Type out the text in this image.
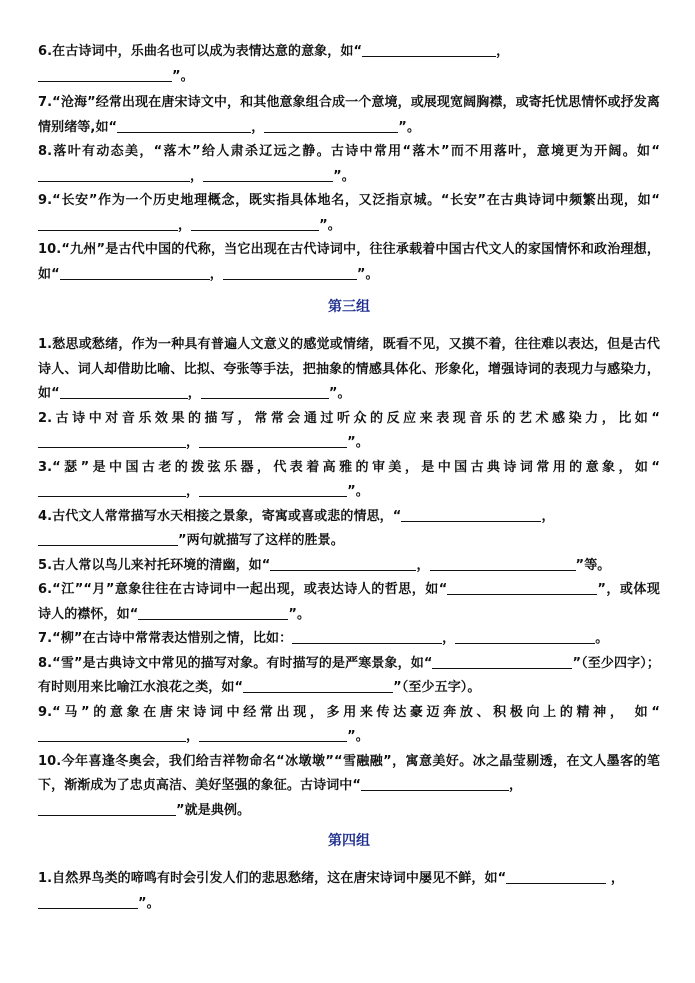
6.在古诗词中，乐曲名也可以成为表情达意的意象，如“	，
”。

7.“沧海”经常出现在唐宋诗文中，和其他意象组合成一个意境，或展现宽阔胸襟，或寄托忧思情怀或抒发离情别绪等,如“	，	”。

8.落叶有动态美，“落木”给人肃杀辽远之静。古诗中常用“落木”而不用落叶，意境更为开阔。如“，	”。

9.“长安”作为一个历史地理概念，既实指具体地名，又泛指京城。“长安”在古典诗词中频繁出现，如“，	”。

10.“九州”是古代中国的代称，当它出现在古代诗词中，往往承载着中国古代文人的家国情怀和政治理想，如“	，	”。

第三组

1.愁思或愁绪，作为一种具有普遍人文意义的感觉或情绪，既看不见，又摸不着，往往难以表达，但是古代诗人、词人却借助比喻、比拟、夸张等手法，把抽象的情感具体化、形象化，增强诗词的表现力与感染力，如“	，	”。

2.古诗中对音乐效果的描写，常常会通过听众的反应来表现音乐的艺术感染力，比如“，	”。

3.“瑟”是中国古老的拨弦乐器，代表着高雅的审美，是中国古典诗词常用的意象，如“，	”。

4.古代文人常常描写水天相接之景象，寄寓或喜或悲的情思，“	，
”两句就描写了这样的胜景。

5.古人常以鸟儿来衬托环境的清幽，如“	，	”等。

6.“江”“月”意象往往在古诗词中一起出现，或表达诗人的哲思，如“	”，或体现诗人的襟怀，如“	”。

7.“柳”在古诗中常常表达惜别之情，比如：	，	。

8.“雪”是古典诗文中常见的描写对象。有时描写的是严寒景象，如“	”（至少四字）；有时则用来比喻江水浪花之类，如“	”（至少五字）。

9.“马”的意象在唐宋诗词中经常出现，多用来传达豪迈奔放、积极向上的精神， 如“，	”。

10.今年喜逢冬奥会，我们给吉祥物命名“冰墩墩”“雪融融”，寓意美好。冰之晶莹剔透，在文人墨客的笔下，渐渐成为了忠贞高洁、美好坚强的象征。古诗词中“	，
”就是典例。

第四组

1.自然界鸟类的啼鸣有时会引发人们的悲思愁绪，这在唐宋诗词中屡见不鲜，如“	，
”。
